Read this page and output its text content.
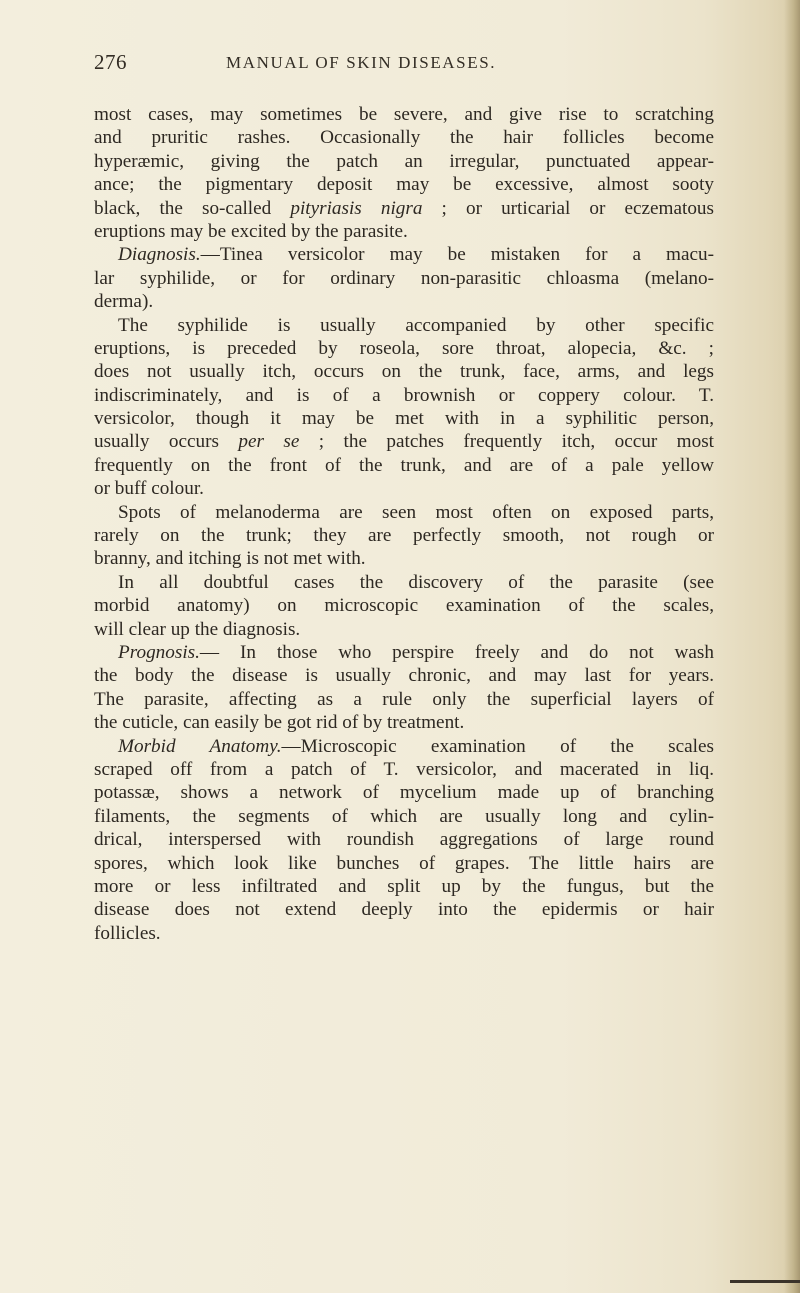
276	MANUAL OF SKIN DISEASES.
most cases, may sometimes be severe, and give rise to scratching
and pruritic rashes. Occasionally the hair follicles become
hyperæmic, giving the patch an irregular, punctuated appear-
ance; the pigmentary deposit may be excessive, almost sooty
black, the so-called pityriasis nigra ; or urticarial or eczematous
eruptions may be excited by the parasite.
Diagnosis.—Tinea versicolor may be mistaken for a macu-
lar syphilide, or for ordinary non-parasitic chloasma (melano-
derma).
The syphilide is usually accompanied by other specific
eruptions, is preceded by roseola, sore throat, alopecia, &c. ;
does not usually itch, occurs on the trunk, face, arms, and legs
indiscriminately, and is of a brownish or coppery colour. T.
versicolor, though it may be met with in a syphilitic person,
usually occurs per se ; the patches frequently itch, occur most
frequently on the front of the trunk, and are of a pale yellow
or buff colour.
Spots of melanoderma are seen most often on exposed parts,
rarely on the trunk; they are perfectly smooth, not rough or
branny, and itching is not met with.
In all doubtful cases the discovery of the parasite (see
morbid anatomy) on microscopic examination of the scales,
will clear up the diagnosis.
Prognosis.— In those who perspire freely and do not wash
the body the disease is usually chronic, and may last for years.
The parasite, affecting as a rule only the superficial layers of
the cuticle, can easily be got rid of by treatment.
Morbid Anatomy.—Microscopic examination of the scales
scraped off from a patch of T. versicolor, and macerated in liq.
potassæ, shows a network of mycelium made up of branching
filaments, the segments of which are usually long and cylin-
drical, interspersed with roundish aggregations of large round
spores, which look like bunches of grapes. The little hairs are
more or less infiltrated and split up by the fungus, but the
disease does not extend deeply into the epidermis or hair
follicles.
